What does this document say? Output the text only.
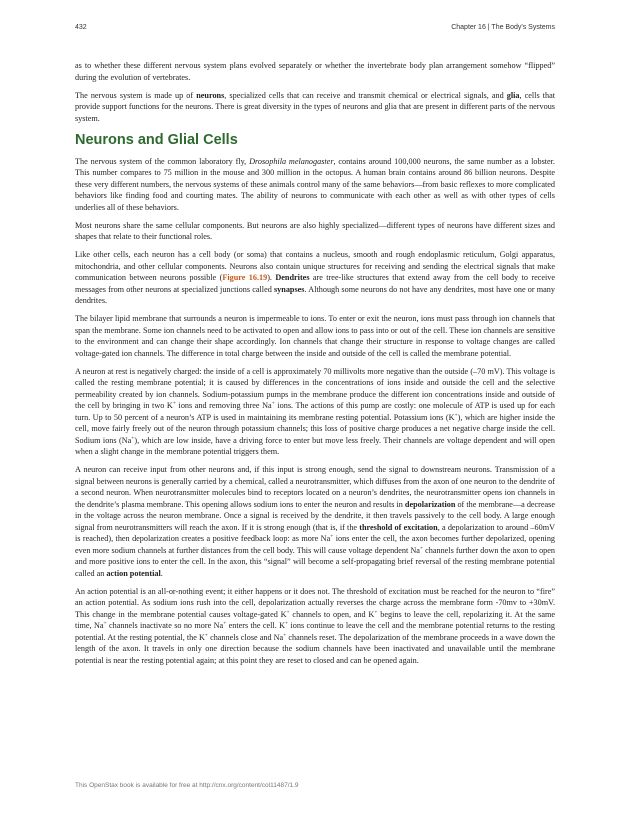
432	Chapter 16 | The Body's Systems

as to whether these different nervous system plans evolved separately or whether the invertebrate body plan arrangement somehow “flipped” during the evolution of vertebrates.

The nervous system is made up of neurons, specialized cells that can receive and transmit chemical or electrical signals, and glia, cells that provide support functions for the neurons. There is great diversity in the types of neurons and glia that are present in different parts of the nervous system.

Neurons and Glial Cells

The nervous system of the common laboratory fly, Drosophila melanogaster, contains around 100,000 neurons, the same number as a lobster. This number compares to 75 million in the mouse and 300 million in the octopus. A human brain contains around 86 billion neurons. Despite these very different numbers, the nervous systems of these animals control many of the same behaviors—from basic reflexes to more complicated behaviors like finding food and courting mates. The ability of neurons to communicate with each other as well as with other types of cells underlies all of these behaviors.

Most neurons share the same cellular components. But neurons are also highly specialized—different types of neurons have different sizes and shapes that relate to their functional roles.

Like other cells, each neuron has a cell body (or soma) that contains a nucleus, smooth and rough endoplasmic reticulum, Golgi apparatus, mitochondria, and other cellular components. Neurons also contain unique structures for receiving and sending the electrical signals that make communication between neurons possible (Figure 16.19). Dendrites are tree-like structures that extend away from the cell body to receive messages from other neurons at specialized junctions called synapses. Although some neurons do not have any dendrites, most have one or many dendrites.

The bilayer lipid membrane that surrounds a neuron is impermeable to ions. To enter or exit the neuron, ions must pass through ion channels that span the membrane. Some ion channels need to be activated to open and allow ions to pass into or out of the cell. These ion channels are sensitive to the environment and can change their shape accordingly. Ion channels that change their structure in response to voltage changes are called voltage-gated ion channels. The difference in total charge between the inside and outside of the cell is called the membrane potential.

A neuron at rest is negatively charged: the inside of a cell is approximately 70 millivolts more negative than the outside (–70 mV). This voltage is called the resting membrane potential; it is caused by differences in the concentrations of ions inside and outside the cell and the selective permeability created by ion channels. Sodium-potassium pumps in the membrane produce the different ion concentrations inside and outside of the cell by bringing in two K+ ions and removing three Na+ ions. The actions of this pump are costly: one molecule of ATP is used up for each turn. Up to 50 percent of a neuron’s ATP is used in maintaining its membrane resting potential. Potassium ions (K+), which are higher inside the cell, move fairly freely out of the neuron through potassium channels; this loss of positive charge produces a net negative charge inside the cell. Sodium ions (Na+), which are low inside, have a driving force to enter but move less freely. Their channels are voltage dependent and will open when a slight change in the membrane potential triggers them.

A neuron can receive input from other neurons and, if this input is strong enough, send the signal to downstream neurons. Transmission of a signal between neurons is generally carried by a chemical, called a neurotransmitter, which diffuses from the axon of one neuron to the dendrite of a second neuron. When neurotransmitter molecules bind to receptors located on a neuron’s dendrites, the neurotransmitter opens ion channels in the dendrite’s plasma membrane. This opening allows sodium ions to enter the neuron and results in depolarization of the membrane—a decrease in the voltage across the neuron membrane. Once a signal is received by the dendrite, it then travels passively to the cell body. A large enough signal from neurotransmitters will reach the axon. If it is strong enough (that is, if the threshold of excitation, a depolarization to around –60mV is reached), then depolarization creates a positive feedback loop: as more Na+ ions enter the cell, the axon becomes further depolarized, opening even more sodium channels at further distances from the cell body. This will cause voltage dependent Na+ channels further down the axon to open and more positive ions to enter the cell. In the axon, this “signal” will become a self-propagating brief reversal of the resting membrane potential called an action potential.

An action potential is an all-or-nothing event; it either happens or it does not. The threshold of excitation must be reached for the neuron to “fire” an action potential. As sodium ions rush into the cell, depolarization actually reverses the charge across the membrane form -70mv to +30mV. This change in the membrane potential causes voltage-gated K+ channels to open, and K+ begins to leave the cell, repolarizing it. At the same time, Na+ channels inactivate so no more Na+ enters the cell. K+ ions continue to leave the cell and the membrane potential returns to the resting potential. At the resting potential, the K+ channels close and Na+ channels reset. The depolarization of the membrane proceeds in a wave down the length of the axon. It travels in only one direction because the sodium channels have been inactivated and unavailable until the membrane potential is near the resting potential again; at this point they are reset to closed and can be opened again.

This OpenStax book is available for free at http://cnx.org/content/col11487/1.9
